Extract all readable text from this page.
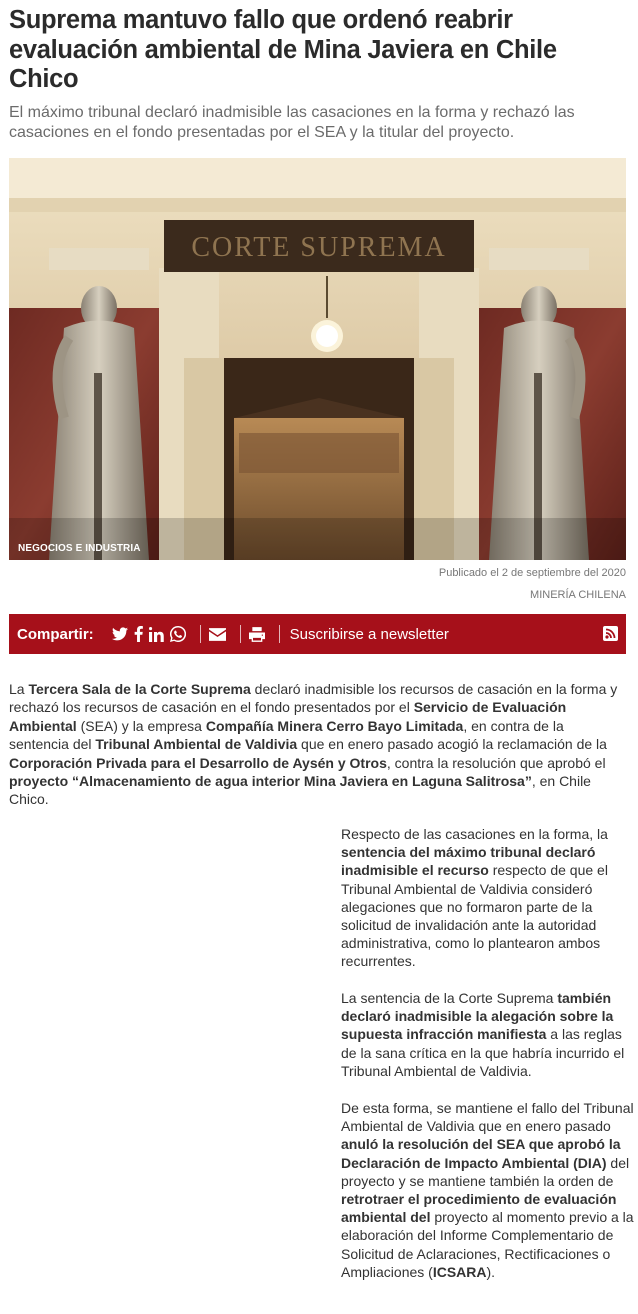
Suprema mantuvo fallo que ordenó reabrir evaluación ambiental de Mina Javiera en Chile Chico

El máximo tribunal declaró inadmisible las casaciones en la forma y rechazó las casaciones en el fondo presentadas por el SEA y la titular del proyecto.

CORTE SUPREMA
NEGOCIOS E INDUSTRIA
Publicado el 2 de septiembre del 2020
MINERÍA CHILENA
Compartir:	Suscribirse a newsletter
La Tercera Sala de la Corte Suprema declaró inadmisible los recursos de casación en la forma y rechazó los recursos de casación en el fondo presentados por el Servicio de Evaluación Ambiental (SEA) y la empresa Compañía Minera Cerro Bayo Limitada, en contra de la sentencia del Tribunal Ambiental de Valdivia que en enero pasado acogió la reclamación de la Corporación Privada para el Desarrollo de Aysén y Otros, contra la resolución que aprobó el proyecto “Almacenamiento de agua interior Mina Javiera en Laguna Salitrosa”, en Chile Chico.
Respecto de las casaciones en la forma, la sentencia del máximo tribunal declaró inadmisible el recurso respecto de que el Tribunal Ambiental de Valdivia consideró alegaciones que no formaron parte de la solicitud de invalidación ante la autoridad administrativa, como lo plantearon ambos recurrentes.
La sentencia de la Corte Suprema también declaró inadmisible la alegación sobre la supuesta infracción manifiesta a las reglas de la sana crítica en la que habría incurrido el Tribunal Ambiental de Valdivia.
De esta forma, se mantiene el fallo del Tribunal Ambiental de Valdivia que en enero pasado anuló la resolución del SEA que aprobó la Declaración de Impacto Ambiental (DIA) del proyecto y se mantiene también la orden de retrotraer el procedimiento de evaluación ambiental del proyecto al momento previo a la elaboración del Informe Complementario de Solicitud de Aclaraciones, Rectificaciones o Ampliaciones (ICSARA).
